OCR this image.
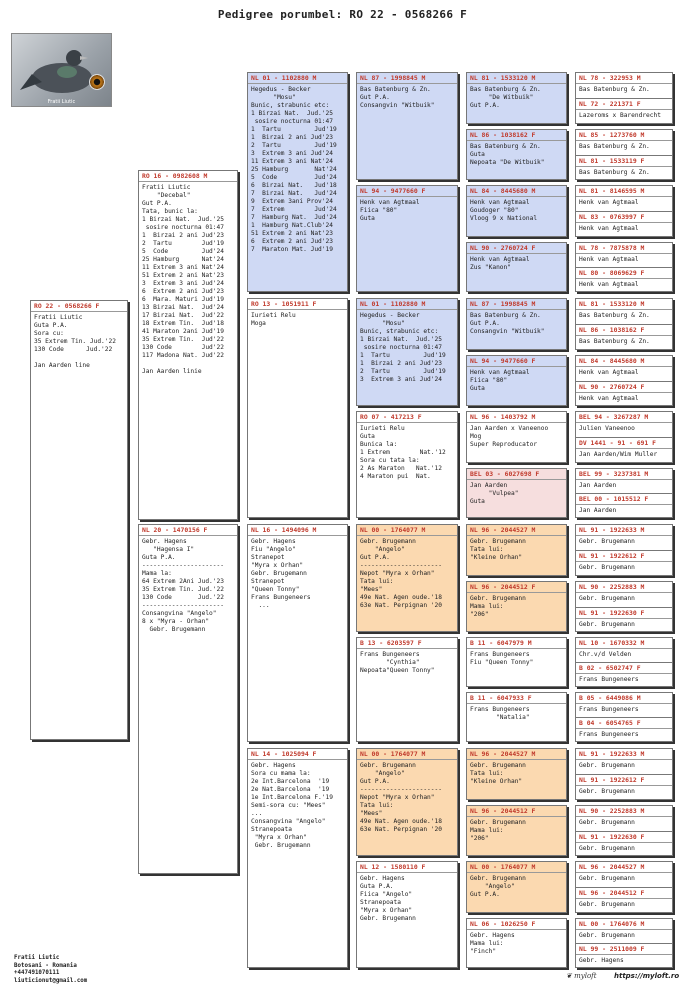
Pedigree porumbel: RO 22 - 0568266 F
Fratii Liutic
RO 22 - 0568266 F
Fratii Liutic
Guta P.A.
Sora cu:
35 Extrem Tin. Jud.'22
130 Code      Jud.'22

Jan Aarden line
RO 16 - 0982608 M
Fratii Liutic
"Decebal"
Gut P.A.
Tata, bunic la:
1 Birzai Nat.  Jud.'25
sosire nocturna 01:47
1  Birzai 2 ani Jud'23
2  Tartu        Jud'19
5  Code         Jud'24
25 Hamburg      Nat'24
11 Extrem 3 ani Nat'24
51 Extrem 2 ani Nat'23
3  Extrem 3 ani Jud'24
6  Extrem 2 ani Jud'23
6  Mara. Maturi Jud'19
13 Birzai Nat.  Jud'24
17 Birzai Nat.  Jud'22
18 Extrem Tin.  Jud'18
41 Maraton 2ani Jud'19
35 Extrem Tin.  Jud'22
130 Code        Jud'22
117 Madona Nat. Jud'22

Jan Aarden linie
NL 20 - 1470156 F
Gebr. Hagens
"Hagensa I"
Guta P.A.
----------------------
Mama la:
64 Extrem 2Ani Jud.'23
35 Extrem Tin. Jud.'22
130 Code       Jud.'22
----------------------
Consangvina "Angelo"
8 x "Myra - Orhan"
Gebr. Brugemann
NL 01 - 1102880 M
Hegedus - Becker
"Mosu"
Bunic, strabunic etc:
1 Birzai Nat.  Jud.'25
sosire nocturna 01:47
1  Tartu         Jud'19
1  Birzai 2 ani Jud'23
2  Tartu         Jud'19
3  Extrem 3 ani Jud'24
11 Extrem 3 ani Nat'24
25 Hamburg       Nat'24
5  Code          Jud'24
6  Birzai Nat.   Jud'18
7  Birzai Nat.   Jud'24
9  Extrem 3ani Prov'24
7  Extrem        Jud'24
7  Hamburg Nat.  Jud'24
1  Hamburg Nat.Club'24
51 Extrem 2 ani Nat'23
6  Extrem 2 ani Jud'23
7  Maraton Mat. Jud'19
RO 13 - 1051911 F
Iurieti Relu
Moga
NL 16 - 1494096 M
Gebr. Hagens
Fiu "Angelo"
Stranepot
"Myra x Orhan"
Gebr. Brugemann
Stranepot
"Queen Tonny"
Frans Bungeneers
...
NL 14 - 1025094 F
Gebr. Hagens
Sora cu mama la:
2e Int.Barcelona  '19
2e Nat.Barcelona  '19
1e Int.Barcelona F.'19
Semi-sora cu: "Mees"
...
Consangvina "Angelo"
Stranepoata
"Myra x Orhan"
Gebr. Brugemann
NL 87 - 1998845 M
Bas Batenburg & Zn.
Gut P.A.
Consangvin "Witbuik"
NL 94 - 9477660 F
Henk van Agtmaal
Fiica "80"
Guta
NL 01 - 1102880 M
Hegedus - Becker
"Mosu"
Bunic, strabunic etc:
1 Birzai Nat.  Jud.'25
sosire nocturna 01:47
1  Tartu         Jud'19
1  Birzai 2 ani Jud'23
2  Tartu         Jud'19
3  Extrem 3 ani Jud'24
RO 07 - 417213 F
Iurieti Relu
Guta
Bunica la:
1 Extrem        Nat.'12
Sora cu tata la:
2 As Maraton   Nat.'12
4 Maraton pui  Nat.
NL 00 - 1764077 M
Gebr. Brugemann
"Angelo"
Gut P.A.
----------------------
Nepot "Myra x Orhan"
Tata lui:
"Mees"
49e Nat. Agen oude.'18
63e Nat. Perpignan '20
B 13 - 6203597 F
Frans Bungeneers
"Cynthia"
Nepoata"Queen Tonny"
NL 00 - 1764077 M
Gebr. Brugemann
"Angelo"
Gut P.A.
----------------------
Nepot "Myra x Orhan"
Tata lui:
"Mees"
49e Nat. Agen oude.'18
63e Nat. Perpignan '20
NL 12 - 1580110 F
Gebr. Hagens
Guta P.A.
Fiica "Angelo"
Stranepoata
"Myra x Orhan"
Gebr. Brugemann
NL 81 - 1533120 M
Bas Batenburg & Zn.
"De Witbuik"
Gut P.A.
NL 86 - 1038162 F
Bas Batenburg & Zn.
Guta
Nepoata "De Witbuik"
NL 84 - 8445680 M
Henk van Agtmaal
Goudoger "80"
Vloog 9 x National
NL 90 - 2760724 F
Henk van Agtmaal
Zus "Kanon"
NL 87 - 1998845 M
Bas Batenburg & Zn.
Gut P.A.
Consangvin "Witbuik"
NL 94 - 9477660 F
Henk van Agtmaal
Fiica "80"
Guta
NL 96 - 1403792 M
Jan Aarden x Vaneenoo
Mog
Super Reproducator
BEL 03 - 6027698 F
Jan Aarden
"Vulpea"
Guta
NL 96 - 2044527 M
Gebr. Brugemann
Tata lui:
"Kleine Orhan"
NL 96 - 2044512 F
Gebr. Brugemann
Mama lui:
"206"
B 11 - 6047979 M
Frans Bungeneers
Fiu "Queen Tonny"
B 11 - 6047933 F
Frans Bungeneers
"Natalia"
NL 96 - 2044527 M
Gebr. Brugemann
Tata lui:
"Kleine Orhan"
NL 96 - 2044512 F
Gebr. Brugemann
Mama lui:
"206"
NL 00 - 1764077 M
Gebr. Brugemann
"Angelo"
Gut P.A.
NL 06 - 1026250 F
Gebr. Hagens
Mama lui:
"Finch"
NL 78 - 322953 M
Bas Batenburg & Zn.
NL 72 - 221371 F
Lazeroms x Barendrecht
NL 85 - 1273760 M
Bas Batenburg & Zn.
NL 81 - 1533119 F
Bas Batenburg & Zn.
NL 81 - 8146595 M
Henk van Agtmaal
NL 83 - 0763997 F
Henk van Agtmaal
NL 78 - 7875878 M
Henk van Agtmaal
NL 80 - 8069629 F
Henk van Agtmaal
NL 81 - 1533120 M
Bas Batenburg & Zn.
NL 86 - 1038162 F
Bas Batenburg & Zn.
NL 84 - 8445680 M
Henk van Agtmaal
NL 90 - 2760724 F
Henk van Agtmaal
BEL 94 - 3267287 M
Julien Vaneenoo
DV 1441 - 91 - 691 F
Jan Aarden/Wim Muller
BEL 99 - 3237381 M
Jan Aarden
BEL 00 - 1015512 F
Jan Aarden
NL 91 - 1922633 M
Gebr. Brugemann
NL 91 - 1922612 F
Gebr. Brugemann
NL 90 - 2252883 M
Gebr. Brugemann
NL 91 - 1922630 F
Gebr. Brugemann
NL 10 - 1670332 M
Chr.v/d Velden
B 02 - 6502747 F
Frans Bungeneers
B 05 - 6449086 M
Frans Bungeneers
B 04 - 6054765 F
Frans Bungeneers
NL 91 - 1922633 M
Gebr. Brugemann
NL 91 - 1922612 F
Gebr. Brugemann
NL 90 - 2252883 M
Gebr. Brugemann
NL 91 - 1922630 F
Gebr. Brugemann
NL 96 - 2044527 M
Gebr. Brugemann
NL 96 - 2044512 F
Gebr. Brugemann
NL 00 - 1764076 M
Gebr. Brugemann
NL 99 - 2511009 F
Gebr. Hagens
Fratii Liutic
Botosani - Romania
+447491070111
liuticionut@gmail.com
❦ myloft https://myloft.ro
